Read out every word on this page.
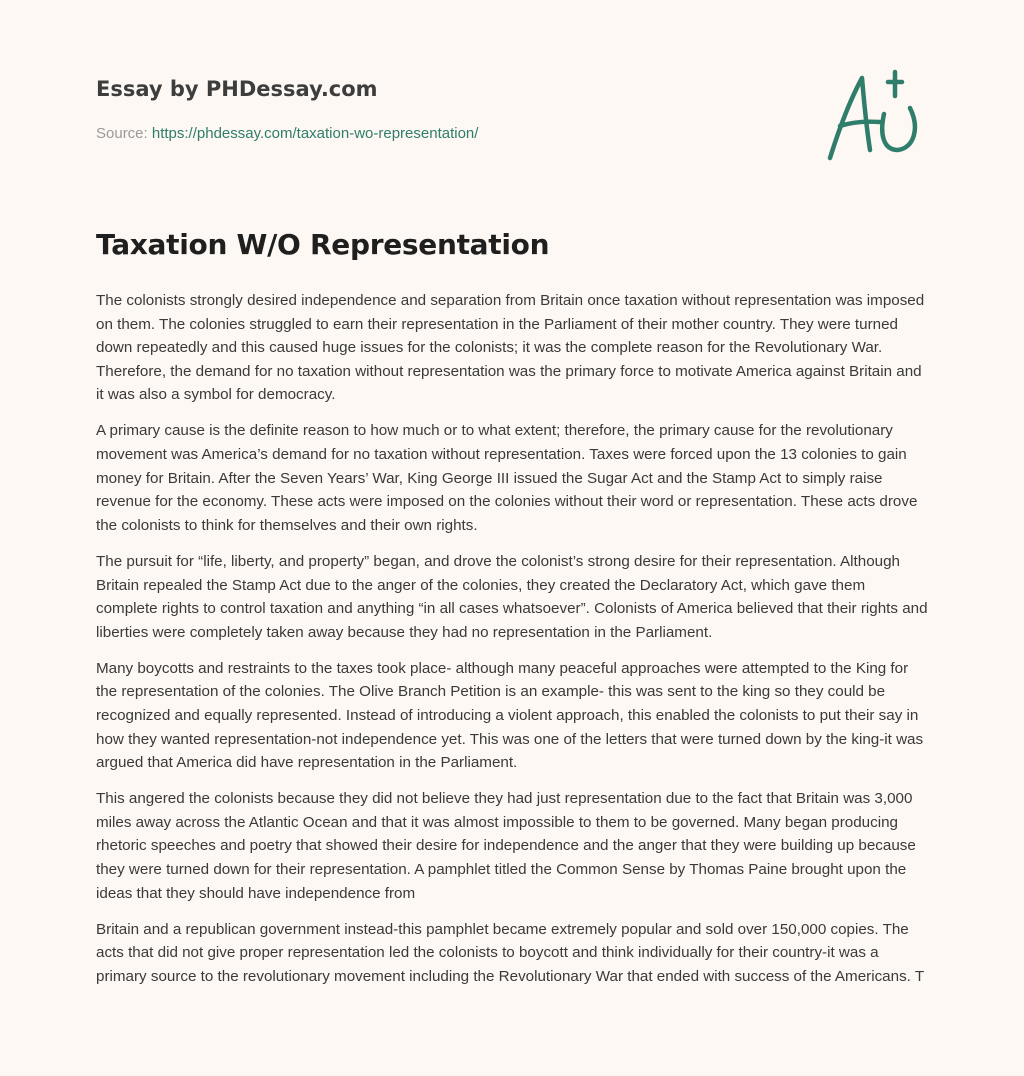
Essay by PHDessay.com
Source: https://phdessay.com/taxation-wo-representation/
Taxation W/O Representation

The colonists strongly desired independence and separation from Britain once taxation without representation was imposed on them. The colonies struggled to earn their representation in the Parliament of their mother country. They were turned down repeatedly and this caused huge issues for the colonists; it was the complete reason for the Revolutionary War. Therefore, the demand for no taxation without representation was the primary force to motivate America against Britain and it was also a symbol for democracy.

A primary cause is the definite reason to how much or to what extent; therefore, the primary cause for the revolutionary movement was America’s demand for no taxation without representation. Taxes were forced upon the 13 colonies to gain money for Britain. After the Seven Years’ War, King George III issued the Sugar Act and the Stamp Act to simply raise revenue for the economy. These acts were imposed on the colonies without their word or representation. These acts drove the colonists to think for themselves and their own rights.

The pursuit for “life, liberty, and property” began, and drove the colonist’s strong desire for their representation. Although Britain repealed the Stamp Act due to the anger of the colonies, they created the Declaratory Act, which gave them complete rights to control taxation and anything “in all cases whatsoever”. Colonists of America believed that their rights and liberties were completely taken away because they had no representation in the Parliament.

Many boycotts and restraints to the taxes took place- although many peaceful approaches were attempted to the King for the representation of the colonies. The Olive Branch Petition is an example- this was sent to the king so they could be recognized and equally represented. Instead of introducing a violent approach, this enabled the colonists to put their say in how they wanted representation-not independence yet. This was one of the letters that were turned down by the king-it was argued that America did have representation in the Parliament.

This angered the colonists because they did not believe they had just representation due to the fact that Britain was 3,000 miles away across the Atlantic Ocean and that it was almost impossible to them to be governed. Many began producing rhetoric speeches and poetry that showed their desire for independence and the anger that they were building up because they were turned down for their representation. A pamphlet titled the Common Sense by Thomas Paine brought upon the ideas that they should have independence from

Britain and a republican government instead-this pamphlet became extremely popular and sold over 150,000 copies. The acts that did not give proper representation led the colonists to boycott and think individually for their country-it was a primary source to the revolutionary movement including the Revolutionary War that ended with success of the Americans. T
